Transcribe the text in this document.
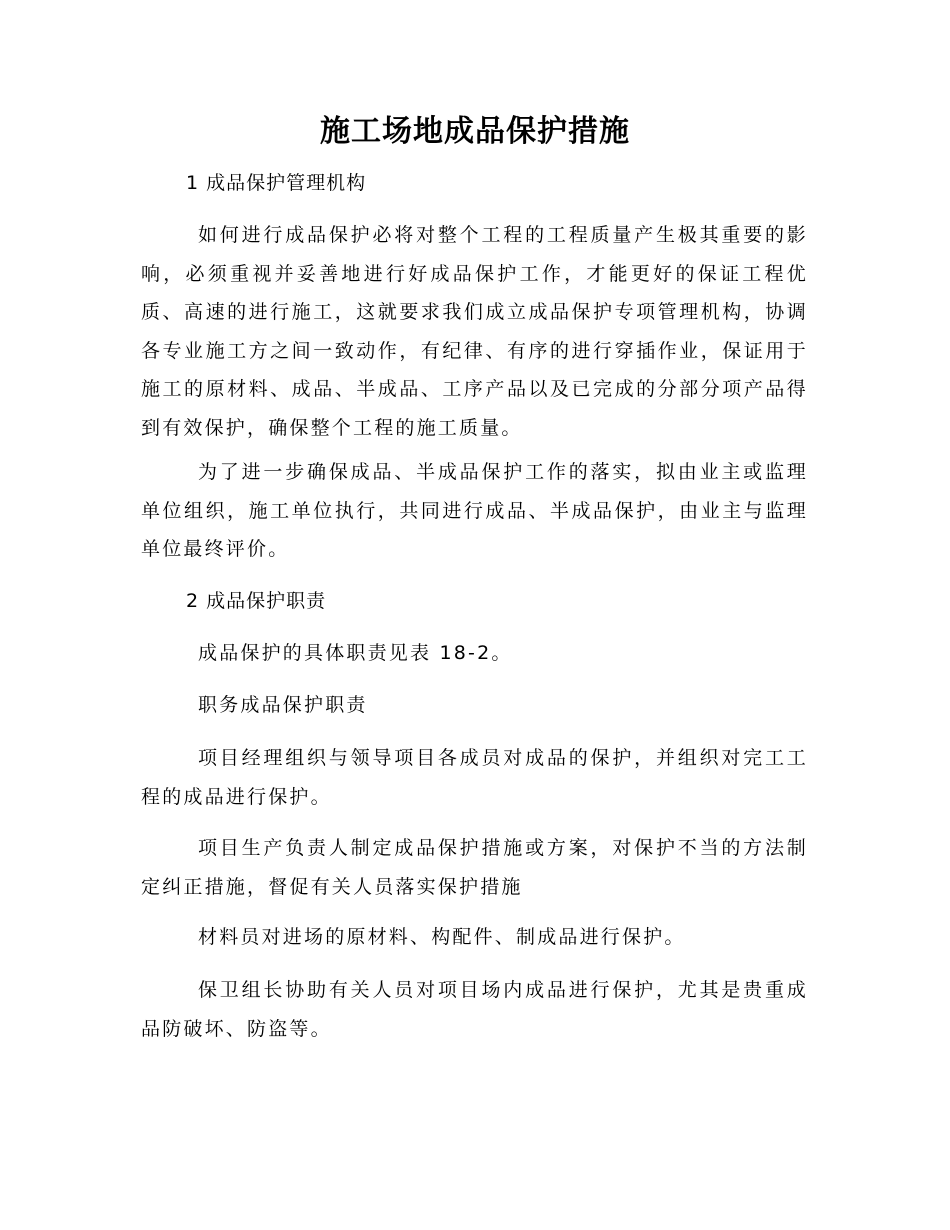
施工场地成品保护措施
1 成品保护管理机构
如何进行成品保护必将对整个工程的工程质量产生极其重要的影响，必须重视并妥善地进行好成品保护工作，才能更好的保证工程优质、高速的进行施工，这就要求我们成立成品保护专项管理机构，协调各专业施工方之间一致动作，有纪律、有序的进行穿插作业，保证用于施工的原材料、成品、半成品、工序产品以及已完成的分部分项产品得到有效保护，确保整个工程的施工质量。
为了进一步确保成品、半成品保护工作的落实，拟由业主或监理单位组织，施工单位执行，共同进行成品、半成品保护，由业主与监理单位最终评价。
2 成品保护职责
成品保护的具体职责见表 18-2。
职务成品保护职责
项目经理组织与领导项目各成员对成品的保护，并组织对完工工程的成品进行保护。
项目生产负责人制定成品保护措施或方案，对保护不当的方法制定纠正措施，督促有关人员落实保护措施
材料员对进场的原材料、构配件、制成品进行保护。
保卫组长协助有关人员对项目场内成品进行保护，尤其是贵重成品防破坏、防盗等。
